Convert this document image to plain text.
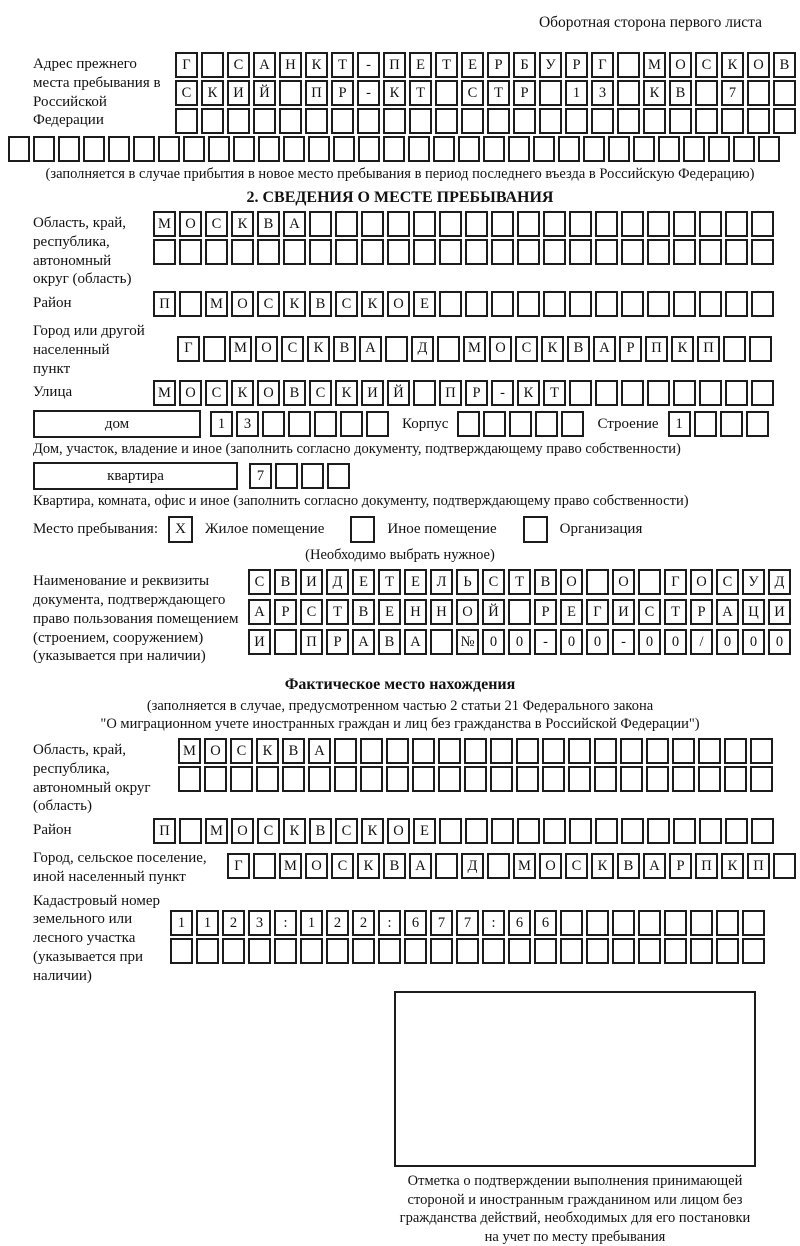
Оборотная сторона первого листа
Адрес прежнего места пребывания в Российской Федерации
Г	С	А	Н	К	Т	-	П	Е	Т	Е	Р	Б	У	Р	Г	М О	С	К	О	В
С	К	И	Й	П	Р	-	К	Т	С	Т	Р	1	3	К	В	7
(заполняется в случае прибытия в новое место пребывания в период последнего въезда в Российскую Федерацию)
2. СВЕДЕНИЯ О МЕСТЕ ПРЕБЫВАНИЯ
Область, край, республика, автономный округ (область)
М О	С	К	В	А
Район	П	М О	С	К	В	С	К	О	Е
Город или другой населенный пункт
Г	М О	С	К	В	А	Д	М О	С	К	В	А	Р	П	К	П
Улица	М О	С	К	О	В	С	К	И	Й	П	Р	-	К	Т
дом	1	3	Корпус	Строение	1
Дом, участок, владение и иное (заполнить согласно документу, подтверждающему право собственности)
квартира	7
Квартира, комната, офис и иное (заполнить согласно документу, подтверждающему право собственности)
Место пребывания:	X	Жилое помещение	Иное помещение	Организация
(Необходимо выбрать нужное)
Наименование и реквизиты документа, подтверждающего право пользования помещением (строением, сооружением) (указывается при наличии)
С	В	И	Д	Е	Т	Е	Л	Ь	С	Т	В	О	О	Г	О	С	У	Д
А	Р	С	Т	В	Е	Н	Н	О	Й	Р	Е	Г	И	С	Т	Р	А	Ц	И
И	П	Р	А	В	А	№	0	0	-	0	0	-	0	0	/	0	0	0
Фактическое место нахождения
(заполняется в случае, предусмотренном частью 2 статьи 21 Федерального закона
"О миграционном учете иностранных граждан и лиц без гражданства в Российской Федерации")
Область, край, республика, автономный округ (область)
М О	С	К	В	А
Район	П	М О	С	К	В	С	К	О	Е
Город, сельское поселение, иной населенный пункт
Г	М О	С	К	В	А	Д	М О	С	К	В	А	Р	П	К	П
Кадастровый номер земельного или лесного участка (указывается при наличии)
1	1	2	3	:	1	2	2	:	6	7	7	:	6	6
Отметка о подтверждении выполнения принимающей
стороной и иностранным гражданином или лицом без
гражданства действий, необходимых для его постановки
на учет по месту пребывания
